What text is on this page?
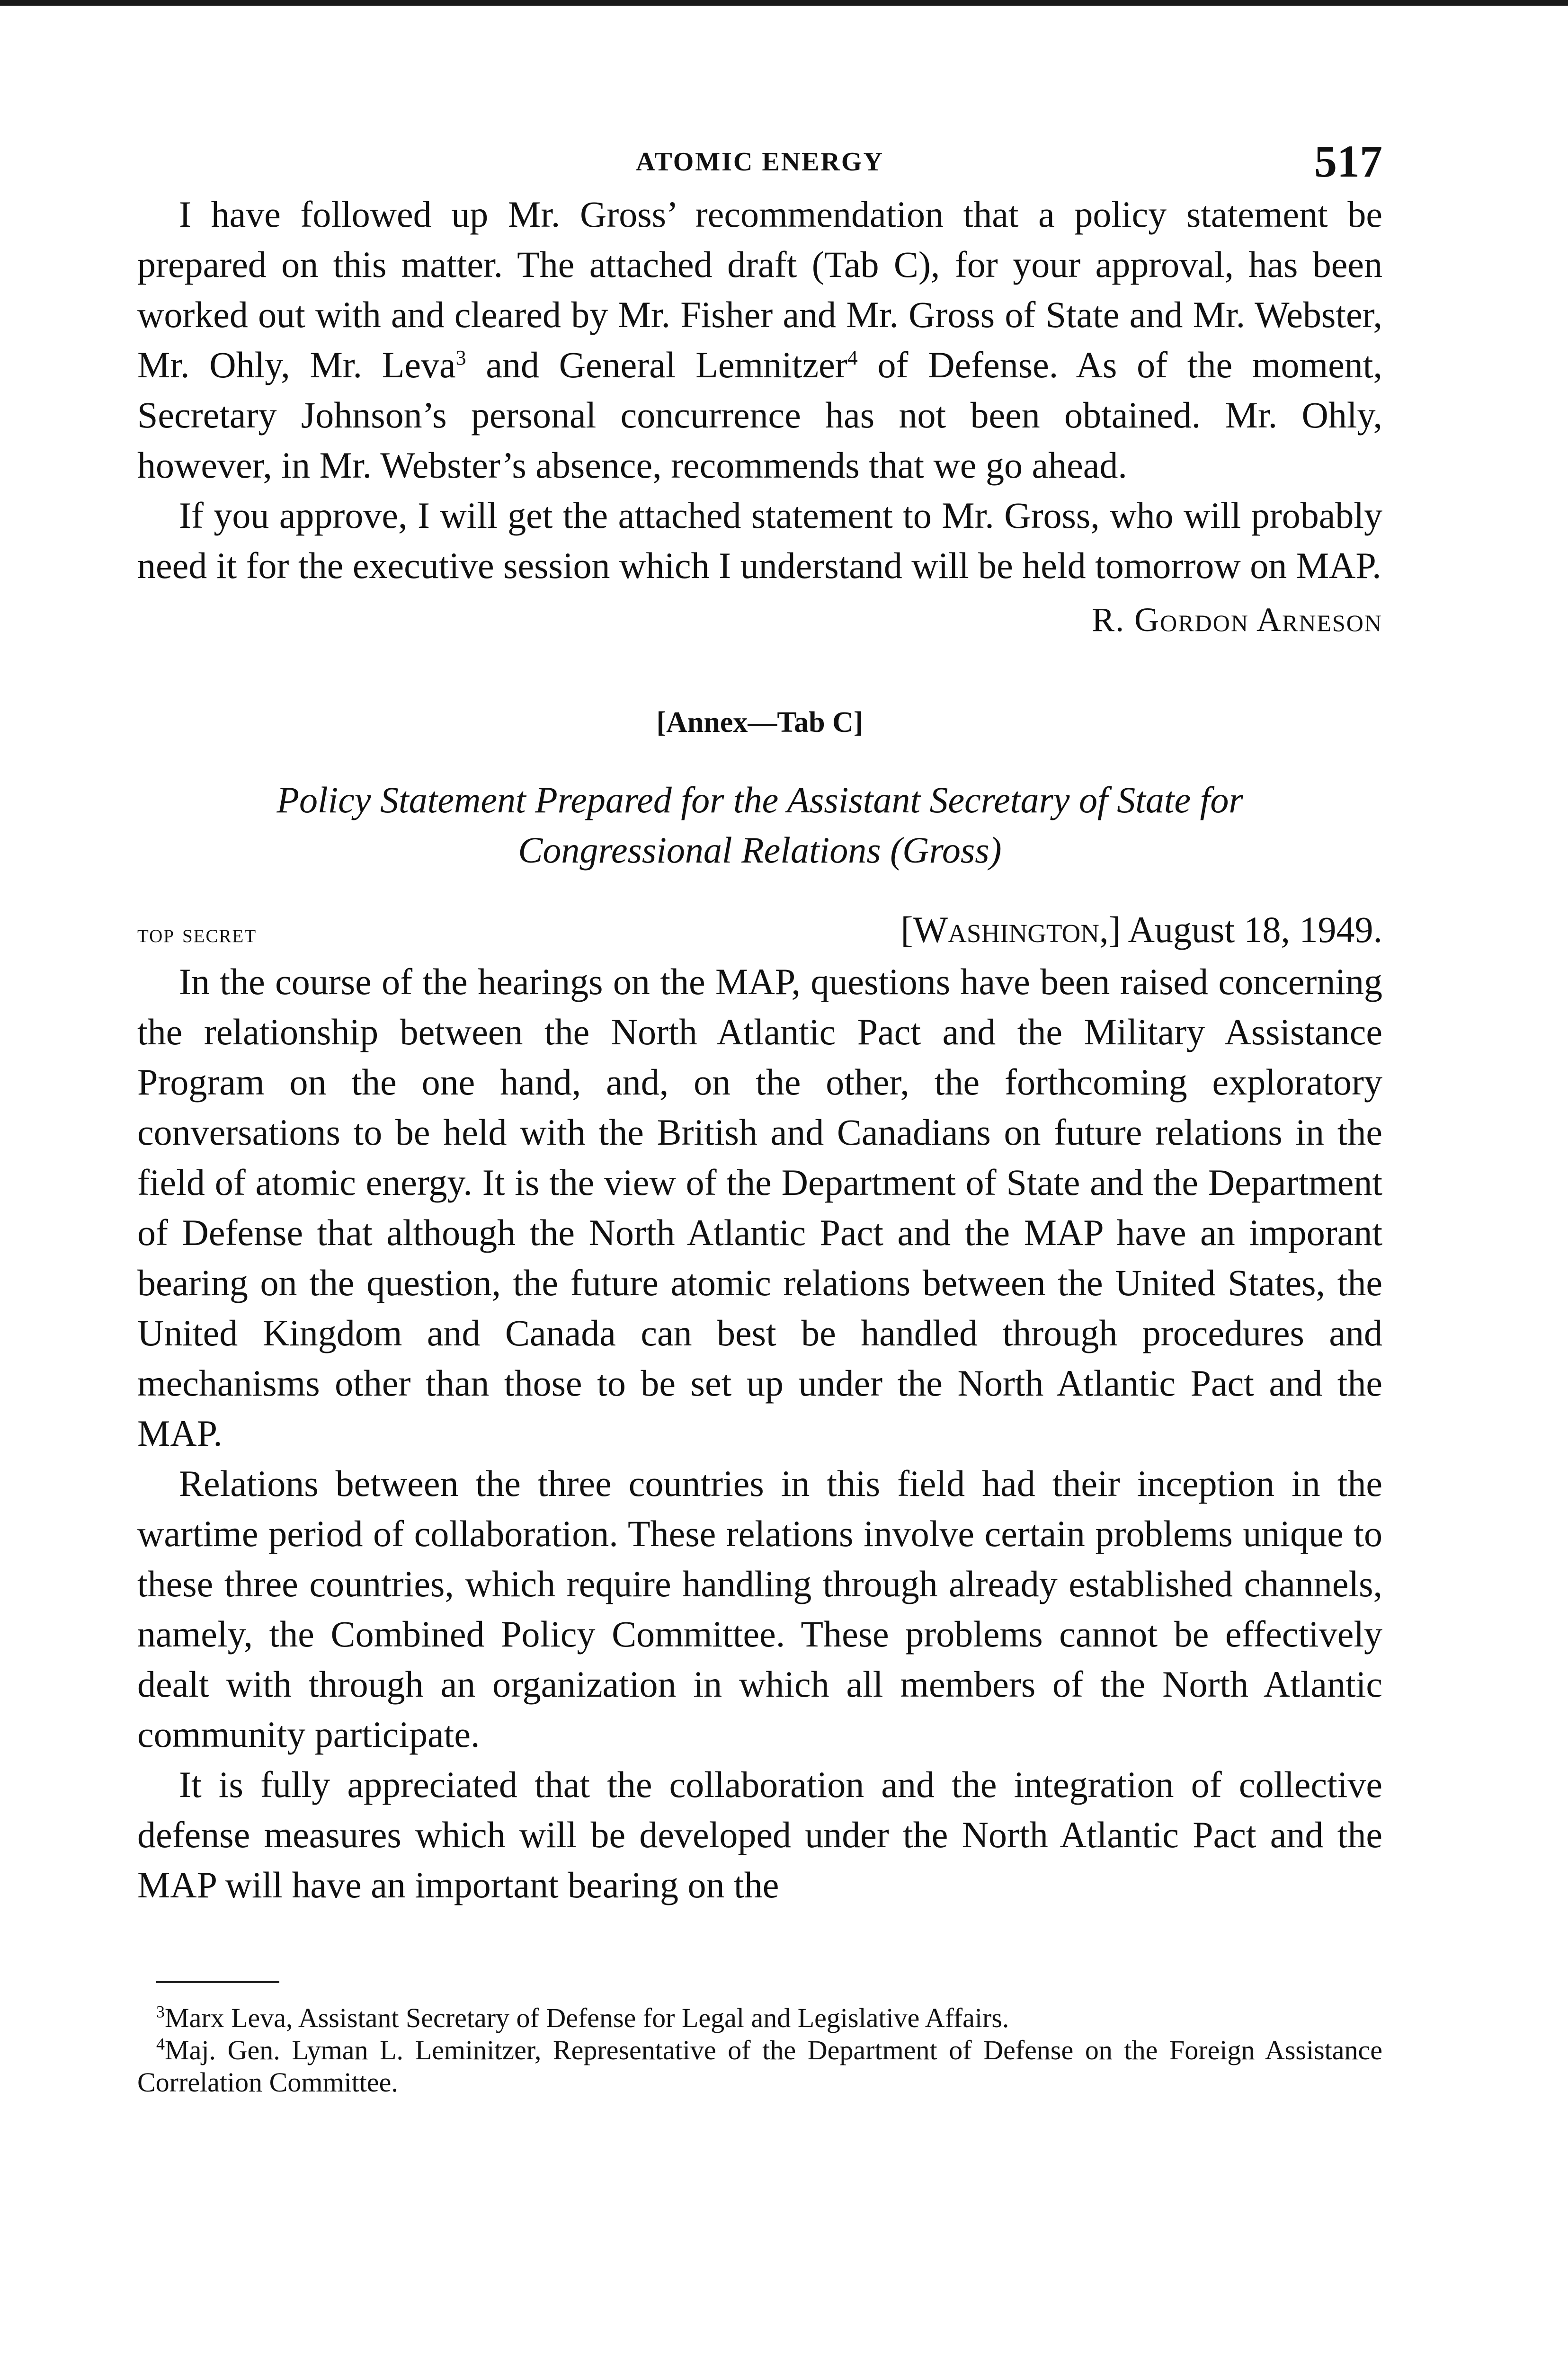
ATOMIC ENERGY	517

I have followed up Mr. Gross’ recommendation that a policy statement be prepared on this matter. The attached draft (Tab C), for your approval, has been worked out with and cleared by Mr. Fisher and Mr. Gross of State and Mr. Webster, Mr. Ohly, Mr. Leva$^3$ and General Lemnitzer$^4$ of Defense. As of the moment, Secretary Johnson’s personal concurrence has not been obtained. Mr. Ohly, however, in Mr. Webster’s absence, recommends that we go ahead.

If you approve, I will get the attached statement to Mr. Gross, who will probably need it for the executive session which I understand will be held tomorrow on MAP.

R. Gordon Arneson
[Annex—Tab C]
Policy Statement Prepared for the Assistant Secretary of State for
Congressional Relations (Gross)
top secret	[Washington,] August 18, 1949.

In the course of the hearings on the MAP, questions have been raised concerning the relationship between the North Atlantic Pact and the Military Assistance Program on the one hand, and, on the other, the forthcoming exploratory conversations to be held with the British and Canadians on future relations in the field of atomic energy. It is the view of the Department of State and the Department of Defense that although the North Atlantic Pact and the MAP have an imporant bearing on the question, the future atomic relations between the United States, the United Kingdom and Canada can best be handled through procedures and mechanisms other than those to be set up under the North Atlantic Pact and the MAP.

Relations between the three countries in this field had their inception in the wartime period of collaboration. These relations involve certain problems unique to these three countries, which require handling through already established channels, namely, the Combined Policy Committee. These problems cannot be effectively dealt with through an organization in which all members of the North Atlantic community participate.

It is fully appreciated that the collaboration and the integration of collective defense measures which will be developed under the North Atlantic Pact and the MAP will have an important bearing on the

$^3$Marx Leva, Assistant Secretary of Defense for Legal and Legislative Affairs.

$^4$Maj. Gen. Lyman L. Leminitzer, Representative of the Department of Defense on the Foreign Assistance Correlation Committee.
